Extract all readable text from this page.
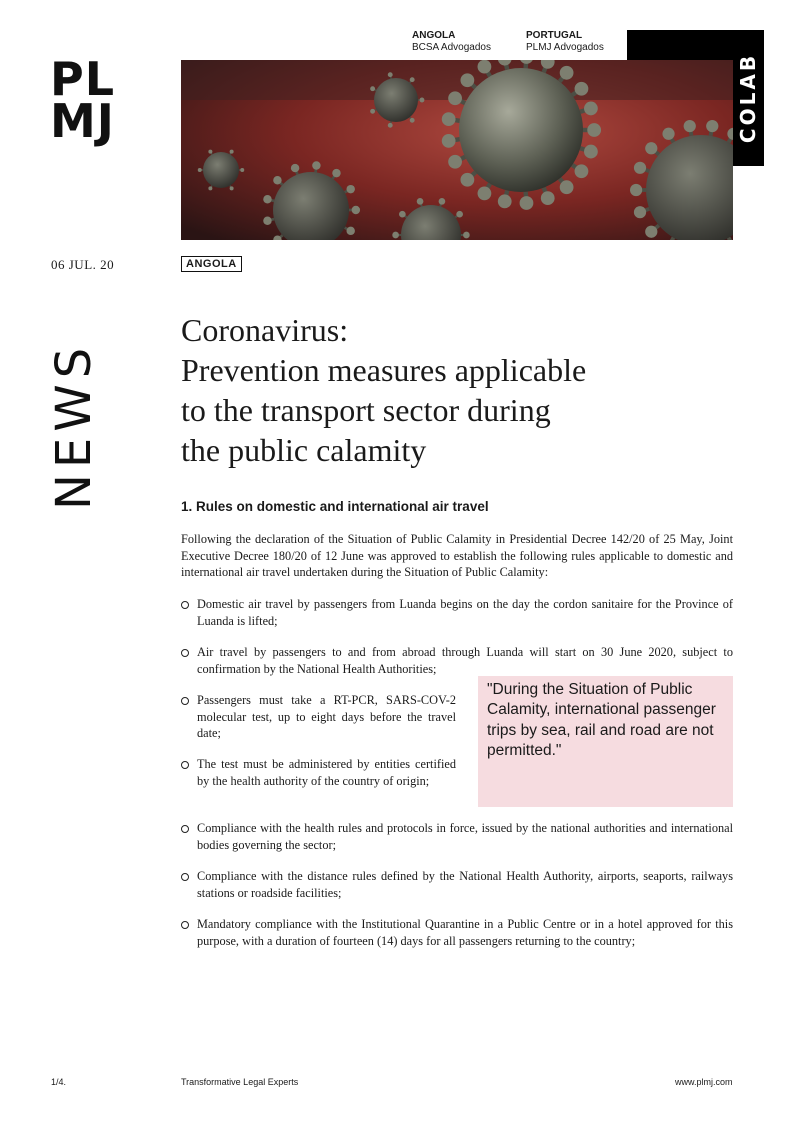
PL
MJ
ANGOLA
BCSA Advogados
PORTUGAL
PLMJ Advogados
COLAB
06 JUL. 20	ANGOLA
NEWS
Coronavirus:
Prevention measures applicable
to the transport sector during
the public calamity
1. Rules on domestic and international air travel
Following the declaration of the Situation of Public Calamity in Presidential Decree 142/20 of 25 May, Joint Executive Decree 180/20 of 12 June was approved to establish the following rules applicable to domestic and international air travel undertaken during the Situation of Public Calamity:
Domestic air travel by passengers from Luanda begins on the day the cordon sanitaire for the Province of Luanda is lifted;
Air travel by passengers to and from abroad through Luanda will start on 30 June 2020, subject to confirmation by the National Health Authorities;
Passengers must take a RT-PCR, SARS-COV-2 molecular test, up to eight days before the travel date;
The test must be administered by entities certified by the health authority of the country of origin;
Compliance with the health rules and protocols in force, issued by the national authorities and international bodies governing the sector;
Compliance with the distance rules defined by the National Health Authority, airports, seaports, railways stations or roadside facilities;
Mandatory compliance with the Institutional Quarantine in a Public Centre or in a hotel approved for this purpose, with a duration of fourteen (14) days for all passengers returning to the country;

"During the Situation of Public Calamity, international passenger trips by sea, rail and road are not permitted."

1/4.	Transformative Legal Experts	www.plmj.com
